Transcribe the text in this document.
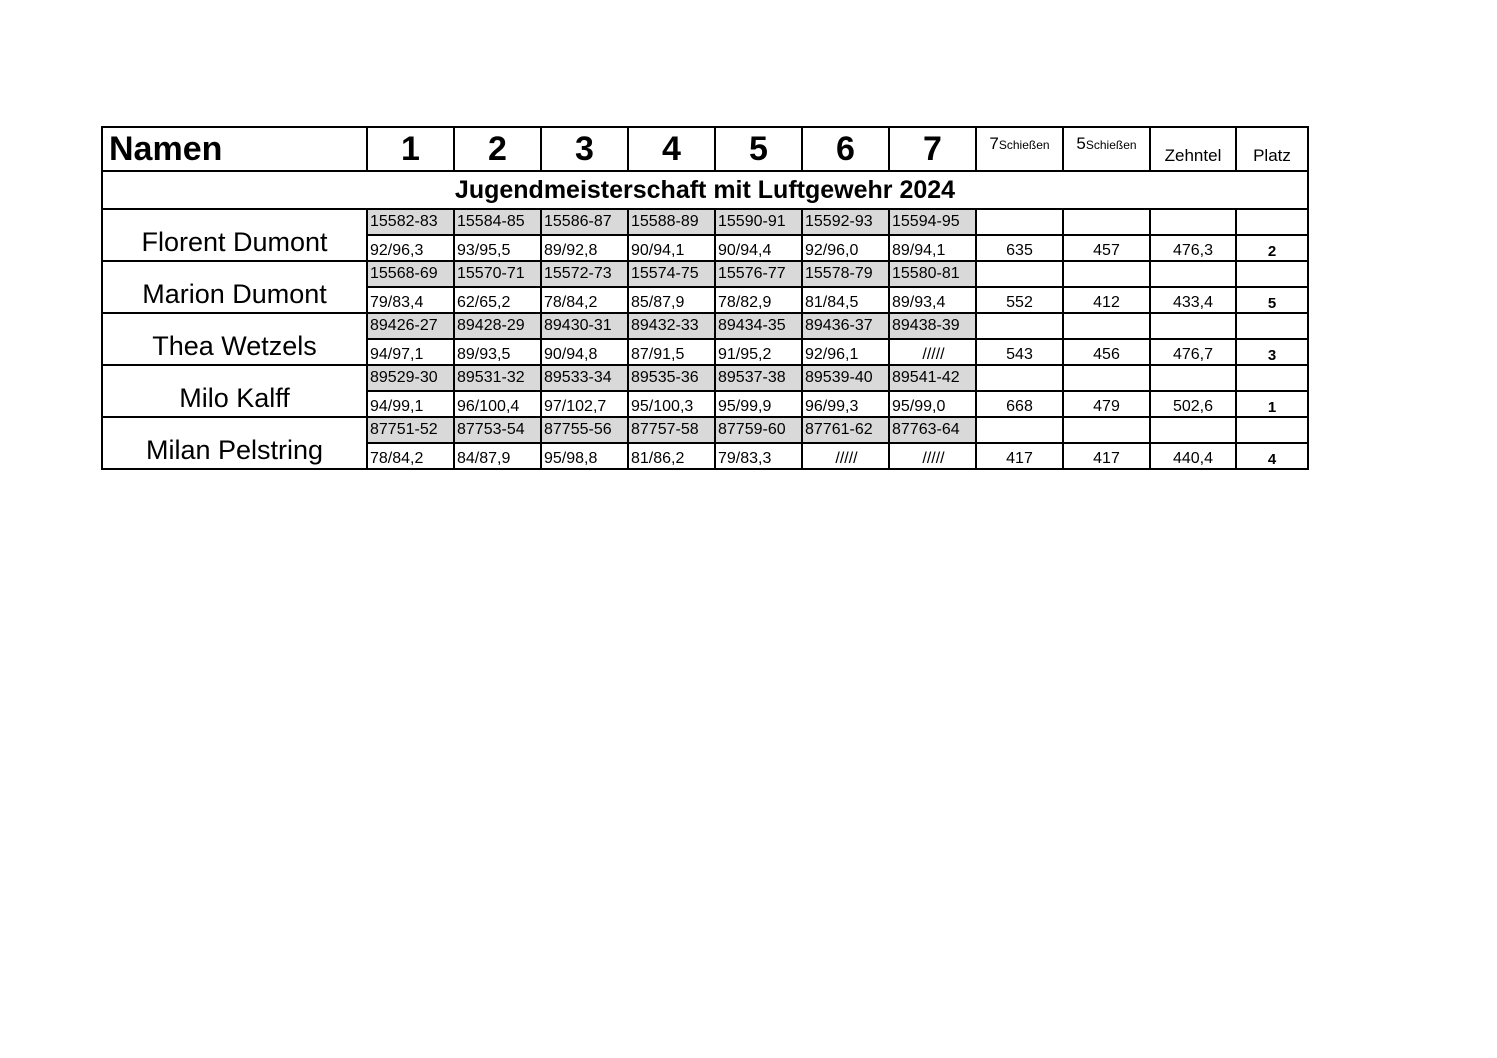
Namen	1	2	3	4	5	6	7	7Schießen	5Schießen	Zehntel	Platz
Jugendmeisterschaft mit Luftgewehr 2024											
Florent Dumont	15582-83	15584-85	15586-87	15588-89	15590-91	15592-93	15594-95				
	92/96,3	93/95,5	89/92,8	90/94,1	90/94,4	92/96,0	89/94,1	635	457	476,3	2
Marion Dumont	15568-69	15570-71	15572-73	15574-75	15576-77	15578-79	15580-81				
	79/83,4	62/65,2	78/84,2	85/87,9	78/82,9	81/84,5	89/93,4	552	412	433,4	5
Thea Wetzels	89426-27	89428-29	89430-31	89432-33	89434-35	89436-37	89438-39				
	94/97,1	89/93,5	90/94,8	87/91,5	91/95,2	92/96,1	/////	543	456	476,7	3
Milo Kalff	89529-30	89531-32	89533-34	89535-36	89537-38	89539-40	89541-42				
	94/99,1	96/100,4	97/102,7	95/100,3	95/99,9	96/99,3	95/99,0	668	479	502,6	1
Milan Pelstring	87751-52	87753-54	87755-56	87757-58	87759-60	87761-62	87763-64				
	78/84,2	84/87,9	95/98,8	81/86,2	79/83,3	/////	/////	417	417	440,4	4
